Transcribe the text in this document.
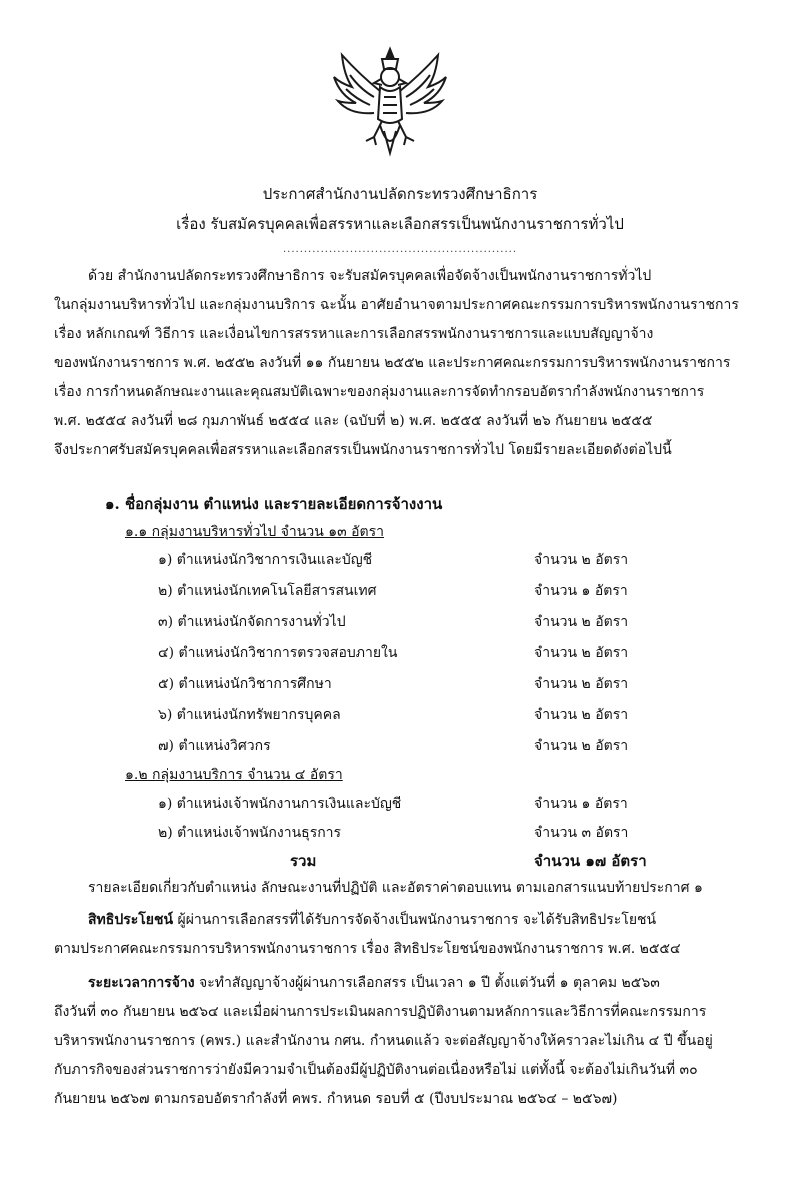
ประกาศสำนักงานปลัดกระทรวงศึกษาธิการ
เรื่อง รับสมัครบุคคลเพื่อสรรหาและเลือกสรรเป็นพนักงานราชการทั่วไป
........................................................
ด้วย สำนักงานปลัดกระทรวงศึกษาธิการ จะรับสมัครบุคคลเพื่อจัดจ้างเป็นพนักงานราชการทั่วไป
ในกลุ่มงานบริหารทั่วไป และกลุ่มงานบริการ ฉะนั้น อาศัยอำนาจตามประกาศคณะกรรมการบริหารพนักงานราชการ
เรื่อง หลักเกณฑ์ วิธีการ และเงื่อนไขการสรรหาและการเลือกสรรพนักงานราชการและแบบสัญญาจ้าง
ของพนักงานราชการ พ.ศ. ๒๕๕๒ ลงวันที่ ๑๑ กันยายน ๒๕๕๒ และประกาศคณะกรรมการบริหารพนักงานราชการ
เรื่อง การกำหนดลักษณะงานและคุณสมบัติเฉพาะของกลุ่มงานและการจัดทำกรอบอัตรากำลังพนักงานราชการ
พ.ศ. ๒๕๕๔ ลงวันที่ ๒๘ กุมภาพันธ์ ๒๕๕๔ และ (ฉบับที่ ๒) พ.ศ. ๒๕๕๕ ลงวันที่ ๒๖ กันยายน ๒๕๕๕
จึงประกาศรับสมัครบุคคลเพื่อสรรหาและเลือกสรรเป็นพนักงานราชการทั่วไป โดยมีรายละเอียดดังต่อไปนี้
๑. ชื่อกลุ่มงาน ตำแหน่ง และรายละเอียดการจ้างงาน
๑.๑ กลุ่มงานบริหารทั่วไป จำนวน ๑๓ อัตรา
๑) ตำแหน่งนักวิชาการเงินและบัญชี	จำนวน ๒ อัตรา
๒) ตำแหน่งนักเทคโนโลยีสารสนเทศ	จำนวน ๑ อัตรา
๓) ตำแหน่งนักจัดการงานทั่วไป	จำนวน ๒ อัตรา
๔) ตำแหน่งนักวิชาการตรวจสอบภายใน	จำนวน ๒ อัตรา
๕) ตำแหน่งนักวิชาการศึกษา	จำนวน ๒ อัตรา
๖) ตำแหน่งนักทรัพยากรบุคคล	จำนวน ๒ อัตรา
๗) ตำแหน่งวิศวกร	จำนวน ๒ อัตรา
๑.๒ กลุ่มงานบริการ จำนวน ๔ อัตรา
๑) ตำแหน่งเจ้าพนักงานการเงินและบัญชี	จำนวน ๑ อัตรา
๒) ตำแหน่งเจ้าพนักงานธุรการ	จำนวน ๓ อัตรา
รวม	จำนวน ๑๗ อัตรา
รายละเอียดเกี่ยวกับตำแหน่ง ลักษณะงานที่ปฏิบัติ และอัตราค่าตอบแทน ตามเอกสารแนบท้ายประกาศ ๑
สิทธิประโยชน์ ผู้ผ่านการเลือกสรรที่ได้รับการจัดจ้างเป็นพนักงานราชการ จะได้รับสิทธิประโยชน์
ตามประกาศคณะกรรมการบริหารพนักงานราชการ เรื่อง สิทธิประโยชน์ของพนักงานราชการ พ.ศ. ๒๕๕๔
ระยะเวลาการจ้าง จะทำสัญญาจ้างผู้ผ่านการเลือกสรร เป็นเวลา ๑ ปี ตั้งแต่วันที่ ๑ ตุลาคม ๒๕๖๓
ถึงวันที่ ๓๐ กันยายน ๒๕๖๔ และเมื่อผ่านการประเมินผลการปฏิบัติงานตามหลักการและวิธีการที่คณะกรรมการ
บริหารพนักงานราชการ (คพร.) และสำนักงาน กศน. กำหนดแล้ว จะต่อสัญญาจ้างให้คราวละไม่เกิน ๔ ปี ขึ้นอยู่
กับภารกิจของส่วนราชการว่ายังมีความจำเป็นต้องมีผู้ปฏิบัติงานต่อเนื่องหรือไม่ แต่ทั้งนี้ จะต้องไม่เกินวันที่ ๓๐
กันยายน ๒๕๖๗ ตามกรอบอัตรากำลังที่ คพร. กำหนด รอบที่ ๕ (ปีงบประมาณ ๒๕๖๔ – ๒๕๖๗)
